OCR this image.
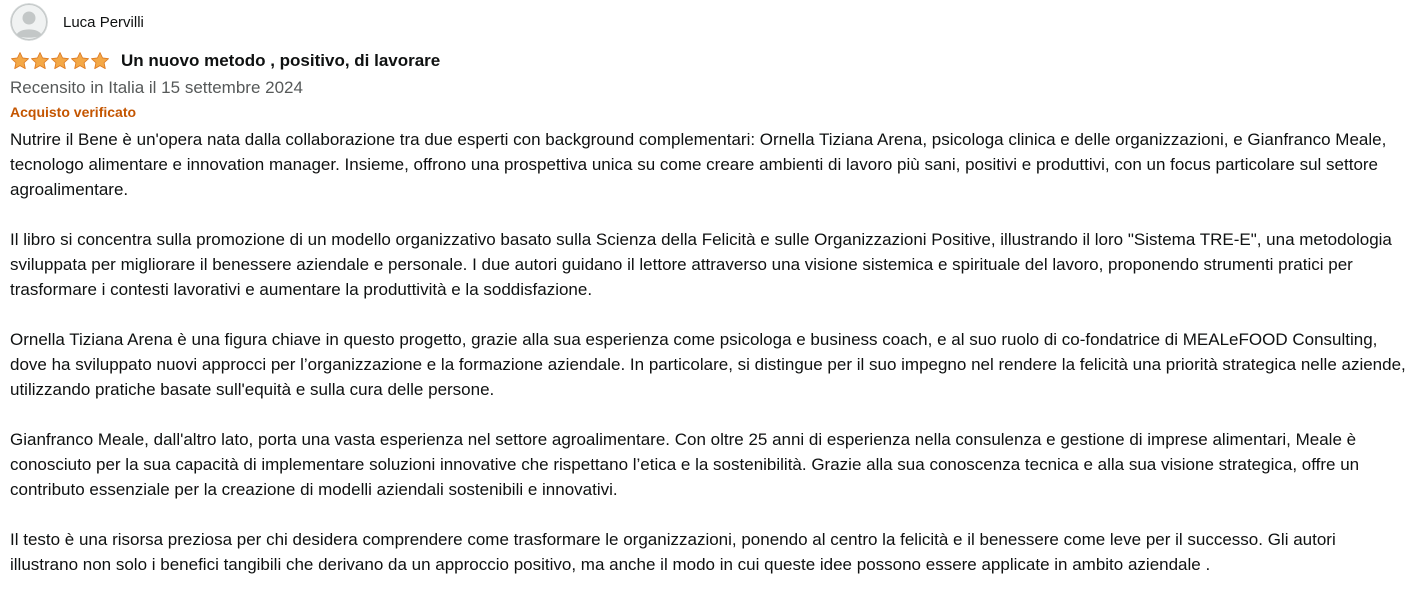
Luca Pervilli
Un nuovo metodo , positivo, di lavorare
Recensito in Italia il 15 settembre 2024
Acquisto verificato

Nutrire il Bene è un'opera nata dalla collaborazione tra due esperti con background complementari: Ornella Tiziana Arena, psicologa clinica e delle organizzazioni, e Gianfranco Meale, tecnologo alimentare e innovation manager. Insieme, offrono una prospettiva unica su come creare ambienti di lavoro più sani, positivi e produttivi, con un focus particolare sul settore agroalimentare.

Il libro si concentra sulla promozione di un modello organizzativo basato sulla Scienza della Felicità e sulle Organizzazioni Positive, illustrando il loro "Sistema TRE-E", una metodologia sviluppata per migliorare il benessere aziendale e personale. I due autori guidano il lettore attraverso una visione sistemica e spirituale del lavoro, proponendo strumenti pratici per trasformare i contesti lavorativi e aumentare la produttività e la soddisfazione.

Ornella Tiziana Arena è una figura chiave in questo progetto, grazie alla sua esperienza come psicologa e business coach, e al suo ruolo di co-fondatrice di MEALeFOOD Consulting, dove ha sviluppato nuovi approcci per l’organizzazione e la formazione aziendale. In particolare, si distingue per il suo impegno nel rendere la felicità una priorità strategica nelle aziende, utilizzando pratiche basate sull'equità e sulla cura delle persone.

Gianfranco Meale, dall'altro lato, porta una vasta esperienza nel settore agroalimentare. Con oltre 25 anni di esperienza nella consulenza e gestione di imprese alimentari, Meale è conosciuto per la sua capacità di implementare soluzioni innovative che rispettano l’etica e la sostenibilità. Grazie alla sua conoscenza tecnica e alla sua visione strategica, offre un contributo essenziale per la creazione di modelli aziendali sostenibili e innovativi.

Il testo è una risorsa preziosa per chi desidera comprendere come trasformare le organizzazioni, ponendo al centro la felicità e il benessere come leve per il successo. Gli autori illustrano non solo i benefici tangibili che derivano da un approccio positivo, ma anche il modo in cui queste idee possono essere applicate in ambito aziendale .
